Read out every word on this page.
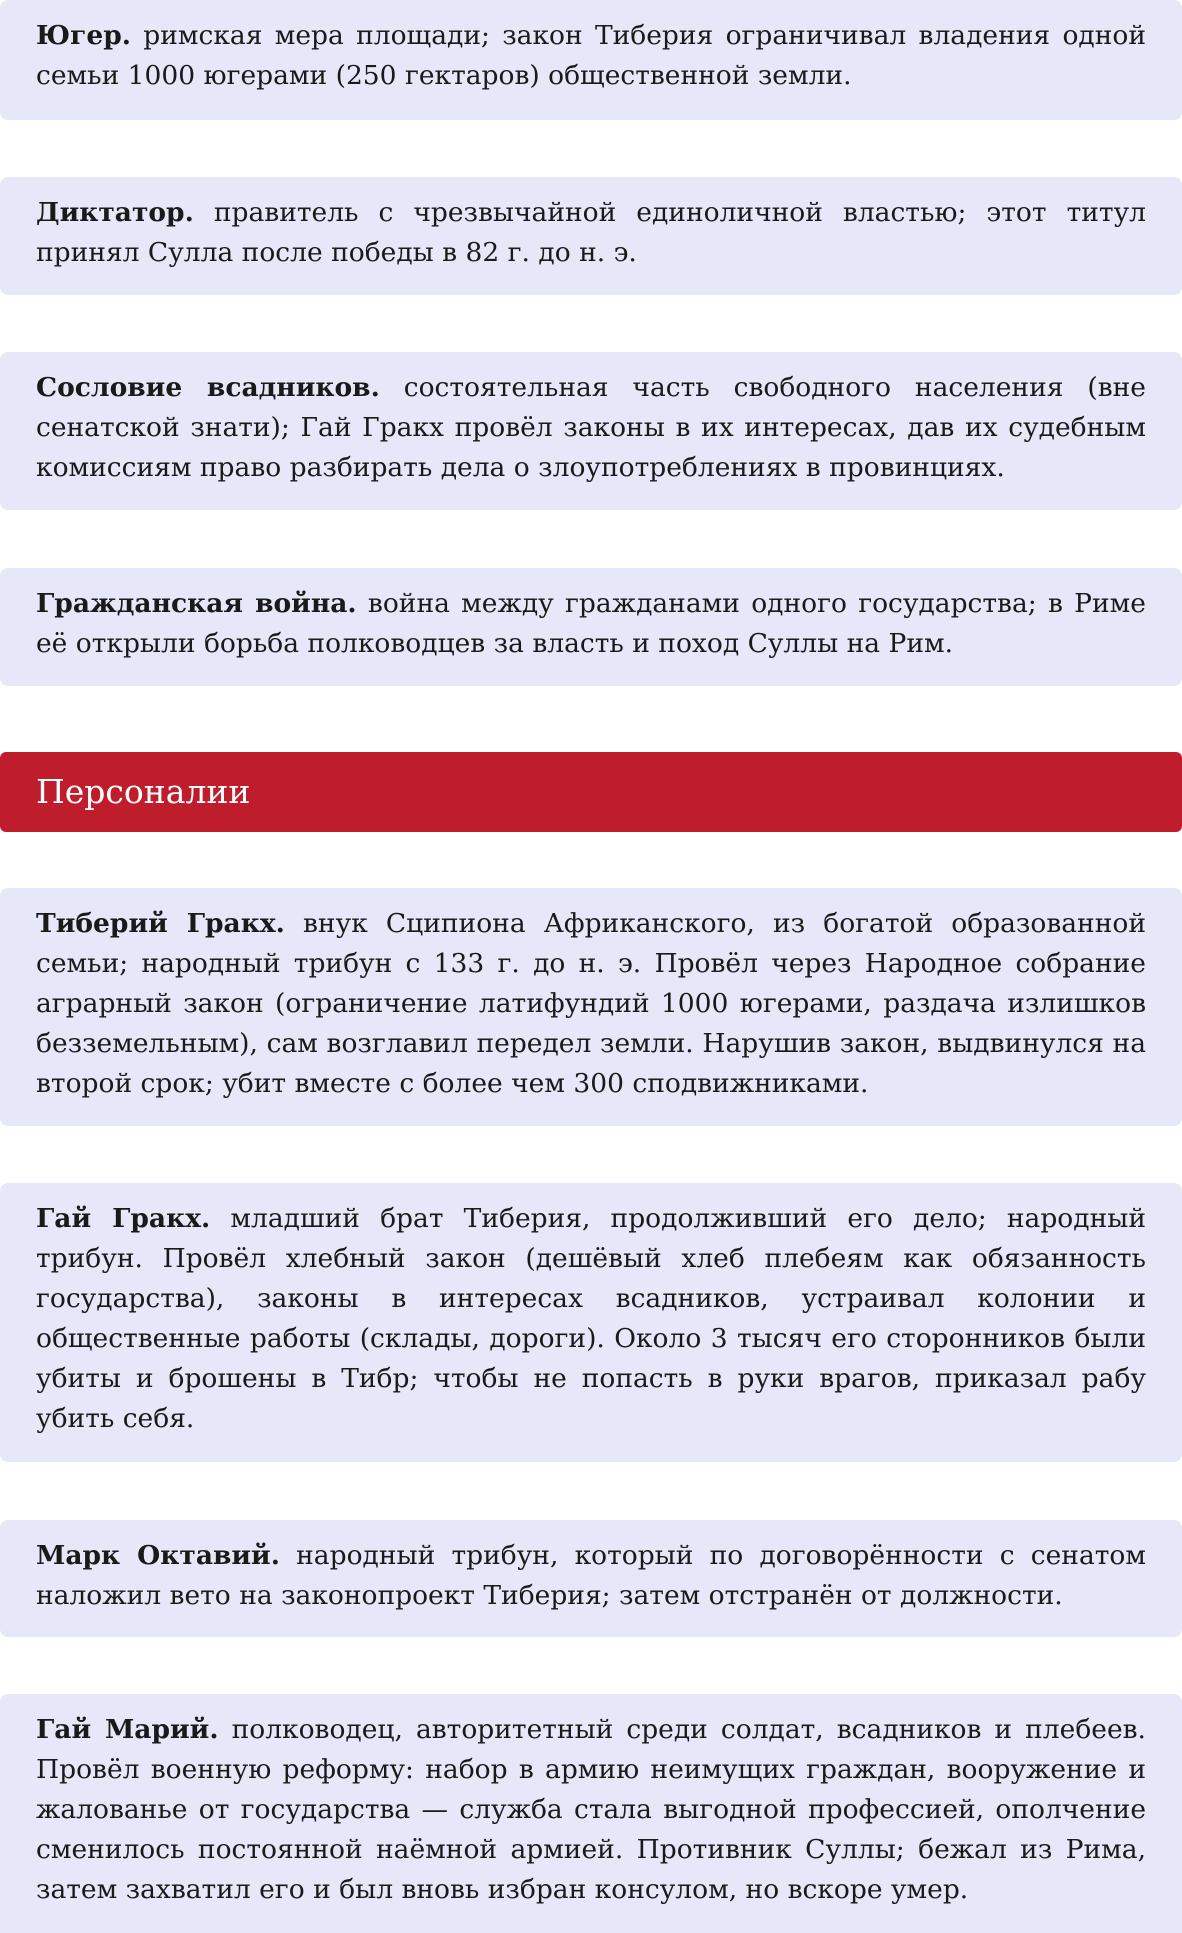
Югер. римская мера площади; закон Тиберия ограничивал владения одной семьи 1000 югерами (250 гектаров) общественной земли.

Диктатор. правитель с чрезвычайной единоличной властью; этот титул принял Сулла после победы в 82 г. до н. э.

Сословие всадников. состоятельная часть свободного населения (вне сенатской знати); Гай Гракх провёл законы в их интересах, дав их судебным комиссиям право разбирать дела о злоупотреблениях в провинциях.

Гражданская война. война между гражданами одного государства; в Риме её открыли борьба полководцев за власть и поход Суллы на Рим.

Персоналии

Тиберий Гракх. внук Сципиона Африканского, из богатой образованной семьи; народный трибун с 133 г. до н. э. Провёл через Народное собрание аграрный закон (ограничение латифундий 1000 югерами, раздача излишков безземельным), сам возглавил передел земли. Нарушив закон, выдвинулся на второй срок; убит вместе с более чем 300 сподвижниками.

Гай Гракх. младший брат Тиберия, продолживший его дело; народный трибун. Провёл хлебный закон (дешёвый хлеб плебеям как обязанность государства), законы в интересах всадников, устраивал колонии и общественные работы (склады, дороги). Около 3 тысяч его сторонников были убиты и брошены в Тибр; чтобы не попасть в руки врагов, приказал рабу убить себя.

Марк Октавий. народный трибун, который по договорённости с сенатом наложил вето на законопроект Тиберия; затем отстранён от должности.

Гай Марий. полководец, авторитетный среди солдат, всадников и плебеев. Провёл военную реформу: набор в армию неимущих граждан, вооружение и жалованье от государства — служба стала выгодной профессией, ополчение сменилось постоянной наёмной армией. Противник Суллы; бежал из Рима, затем захватил его и был вновь избран консулом, но вскоре умер.
